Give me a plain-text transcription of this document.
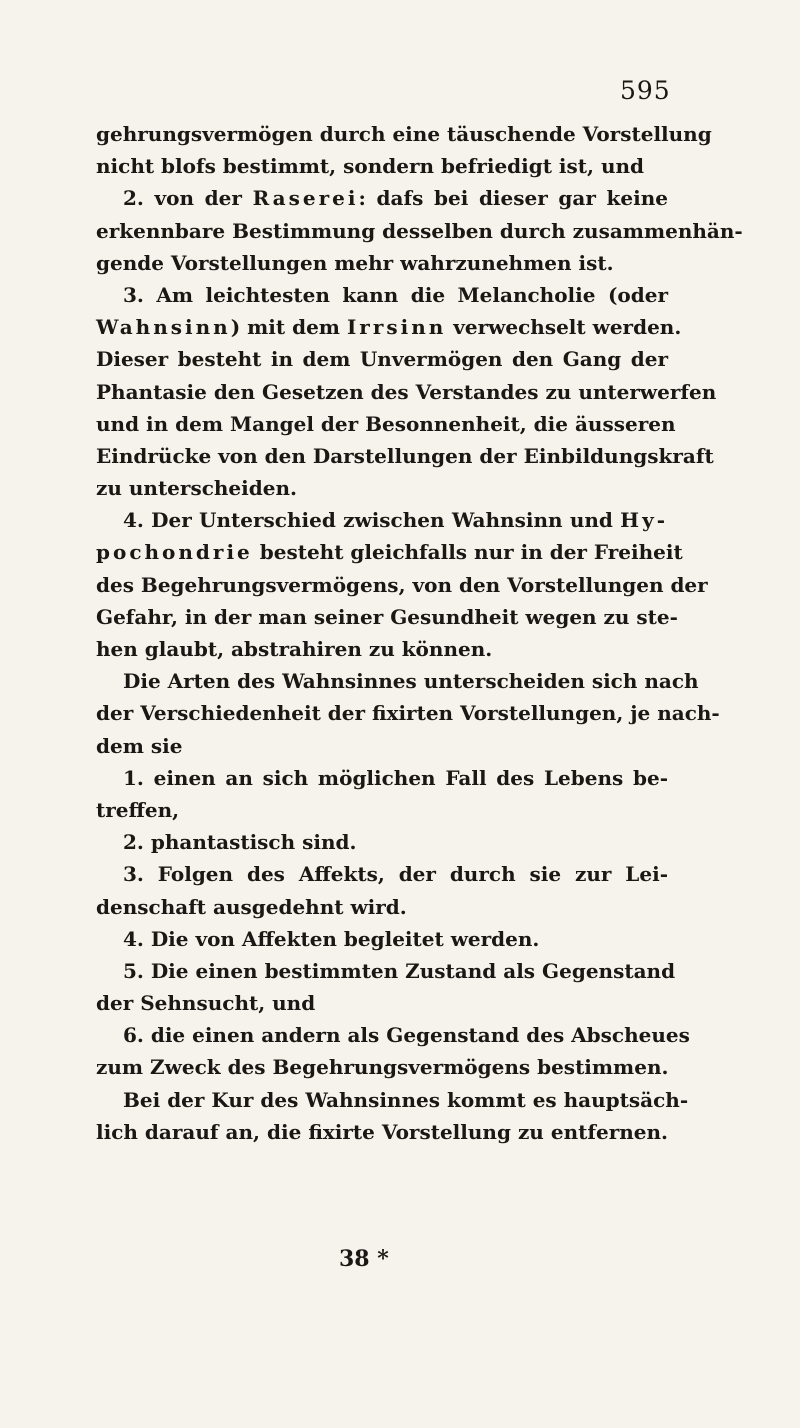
595
gehrungsvermögen durch eine täuschende Vorstellung
nicht blofs bestimmt, sondern befriedigt ist, und
2. von der Raserei: dafs bei dieser gar keine
erkennbare Bestimmung desselben durch zusammenhän-
gende Vorstellungen mehr wahrzunehmen ist.
3. Am leichtesten kann die Melancholie (oder
Wahnsinn) mit dem Irrsinn verwechselt werden.
Dieser besteht in dem Unvermögen den Gang der
Phantasie den Gesetzen des Verstandes zu unterwerfen
und in dem Mangel der Besonnenheit, die äusseren
Eindrücke von den Darstellungen der Einbildungskraft
zu unterscheiden.
4. Der Unterschied zwischen Wahnsinn und Hy-
pochondrie besteht gleichfalls nur in der Freiheit
des Begehrungsvermögens, von den Vorstellungen der
Gefahr, in der man seiner Gesundheit wegen zu ste-
hen glaubt, abstrahiren zu können.
Die Arten des Wahnsinnes unterscheiden sich nach
der Verschiedenheit der fixirten Vorstellungen, je nach-
dem sie
1. einen an sich möglichen Fall des Lebens be-
treffen,
2. phantastisch sind.
3. Folgen des Affekts, der durch sie zur Lei-
denschaft ausgedehnt wird.
4. Die von Affekten begleitet werden.
5. Die einen bestimmten Zustand als Gegenstand
der Sehnsucht, und
6. die einen andern als Gegenstand des Abscheues
zum Zweck des Begehrungsvermögens bestimmen.
Bei der Kur des Wahnsinnes kommt es hauptsäch-
lich darauf an, die fixirte Vorstellung zu entfernen.
38 *
